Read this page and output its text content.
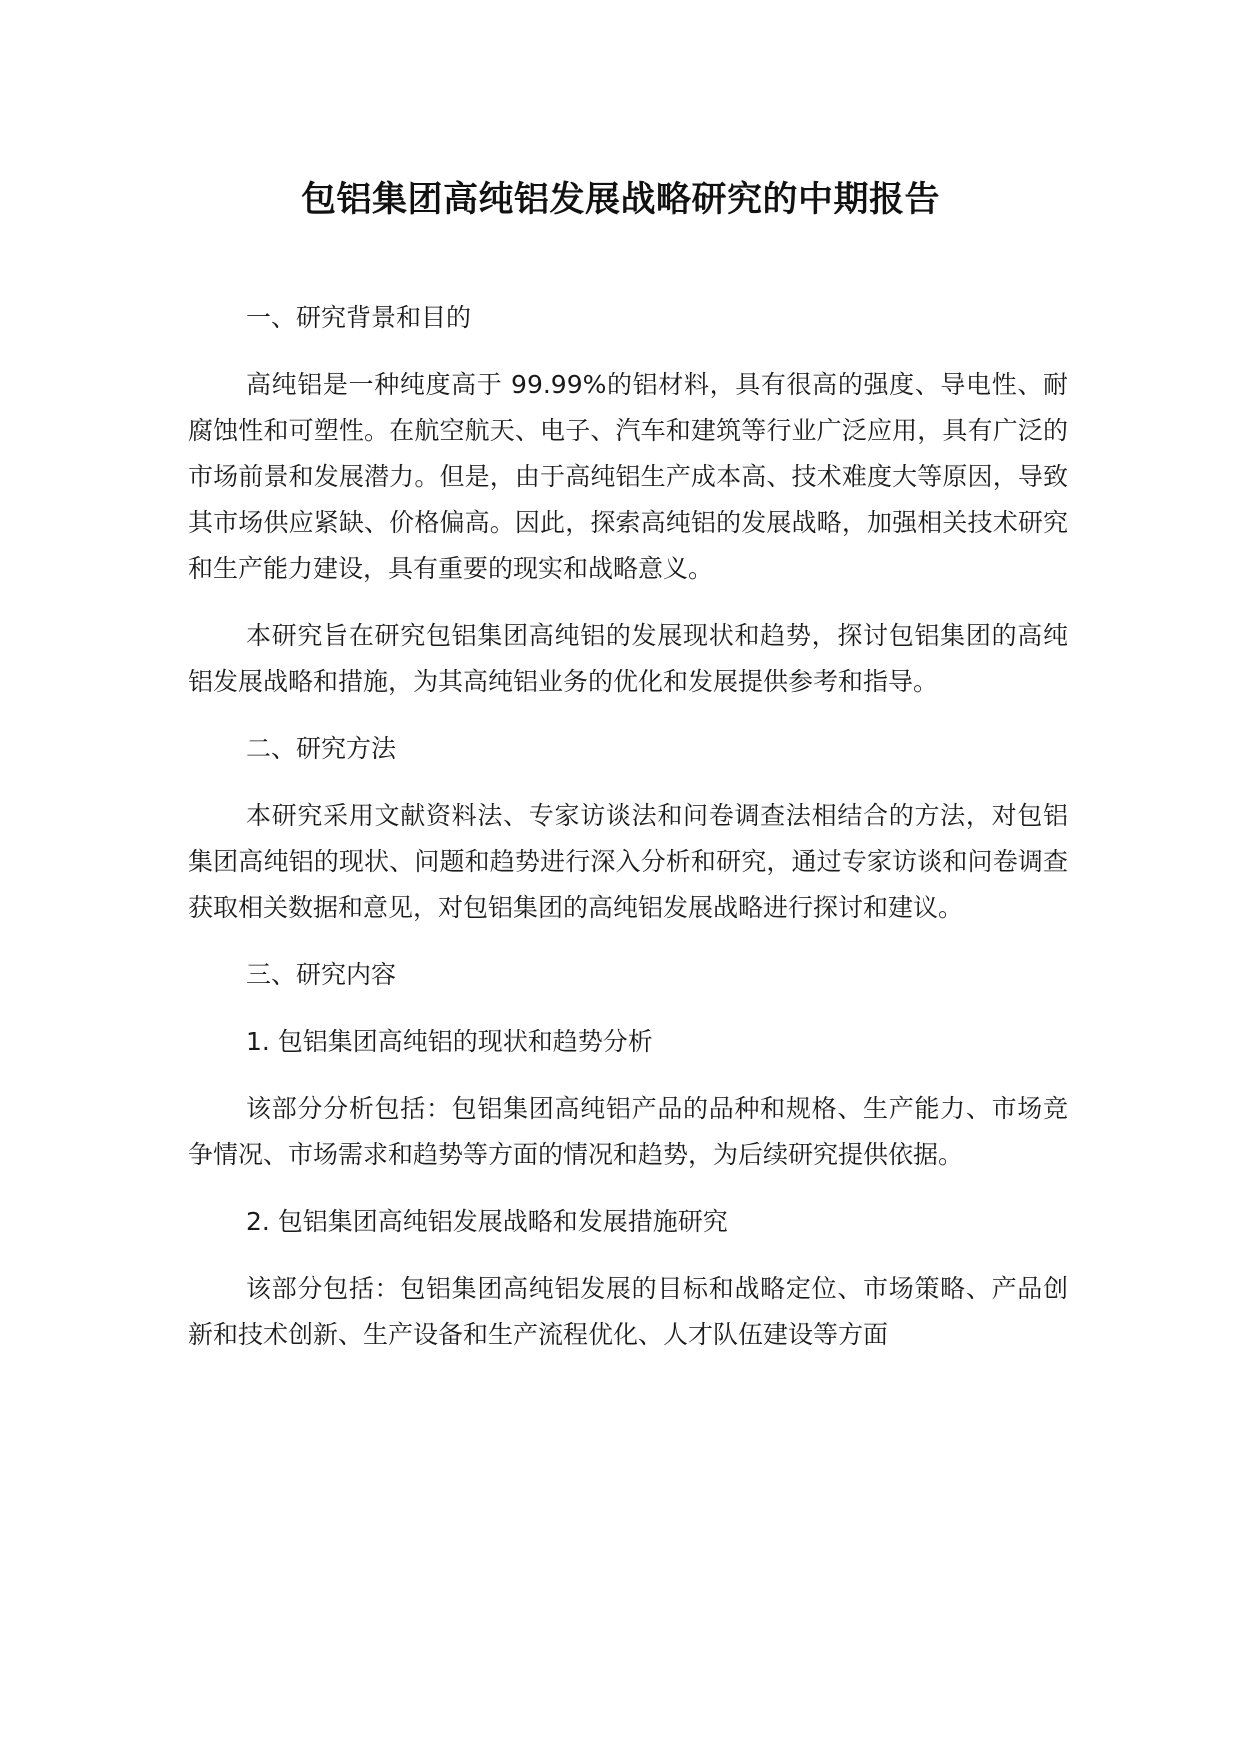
包铝集团高纯铝发展战略研究的中期报告

一、研究背景和目的

高纯铝是一种纯度高于 99.99%的铝材料，具有很高的强度、导电性、耐腐蚀性和可塑性。在航空航天、电子、汽车和建筑等行业广泛应用，具有广泛的市场前景和发展潜力。但是，由于高纯铝生产成本高、技术难度大等原因，导致其市场供应紧缺、价格偏高。因此，探索高纯铝的发展战略，加强相关技术研究和生产能力建设，具有重要的现实和战略意义。

本研究旨在研究包铝集团高纯铝的发展现状和趋势，探讨包铝集团的高纯铝发展战略和措施，为其高纯铝业务的优化和发展提供参考和指导。

二、研究方法

本研究采用文献资料法、专家访谈法和问卷调查法相结合的方法，对包铝集团高纯铝的现状、问题和趋势进行深入分析和研究，通过专家访谈和问卷调查获取相关数据和意见，对包铝集团的高纯铝发展战略进行探讨和建议。

三、研究内容

1. 包铝集团高纯铝的现状和趋势分析

该部分分析包括：包铝集团高纯铝产品的品种和规格、生产能力、市场竞争情况、市场需求和趋势等方面的情况和趋势，为后续研究提供依据。

2. 包铝集团高纯铝发展战略和发展措施研究

该部分包括：包铝集团高纯铝发展的目标和战略定位、市场策略、产品创新和技术创新、生产设备和生产流程优化、人才队伍建设等方面
